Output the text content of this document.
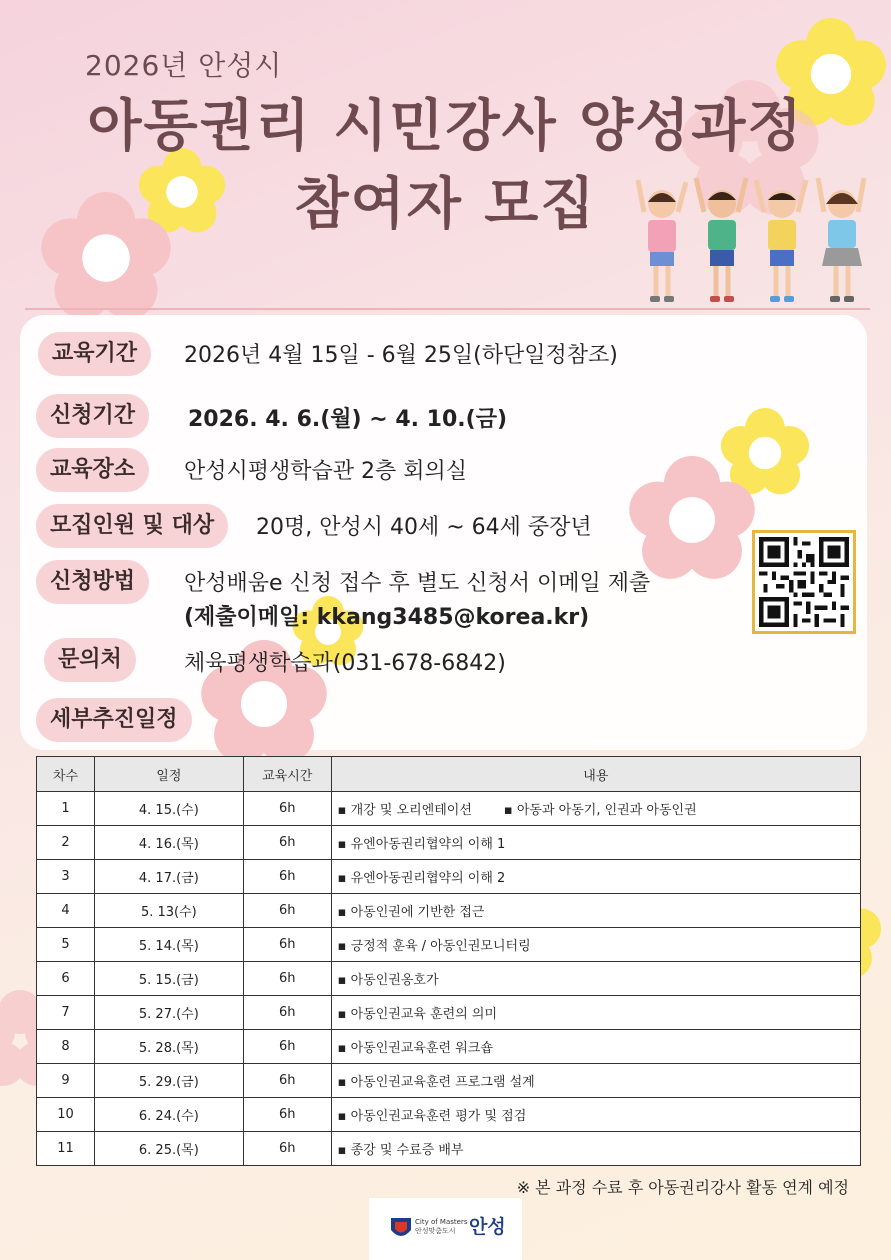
2026년 안성시
아동권리 시민강사 양성과정
참여자 모집
교육기간	2026년 4월 15일 - 6월 25일(하단일정참조)
신청기간	2026. 4. 6.(월) ~ 4. 10.(금)
교육장소	안성시평생학습관 2층 회의실
모집인원 및 대상	20명, 안성시 40세 ~ 64세 중장년
신청방법	안성배움e 신청 접수 후 별도 신청서 이메일 제출
(제출이메일: kkang3485@korea.kr)
문의처	체육평생학습과(031-678-6842)
세부추진일정
차수	일정	교육시간	내용
1	4. 15.(수)	6h	▪ 개강 및 오리엔테이션 ▪ 아동과 아동기, 인권과 아동인권
2	4. 16.(목)	6h	▪ 유엔아동권리협약의 이해 1
3	4. 17.(금)	6h	▪ 유엔아동권리협약의 이해 2
4	5. 13(수)	6h	▪ 아동인권에 기반한 접근
5	5. 14.(목)	6h	▪ 긍정적 훈육 / 아동인권모니터링
6	5. 15.(금)	6h	▪ 아동인권옹호가
7	5. 27.(수)	6h	▪ 아동인권교육 훈련의 의미
8	5. 28.(목)	6h	▪ 아동인권교육훈련 워크숍
9	5. 29.(금)	6h	▪ 아동인권교육훈련 프로그램 설계
10	6. 24.(수)	6h	▪ 아동인권교육훈련 평가 및 점검
11	6. 25.(목)	6h	▪ 종강 및 수료증 배부
※ 본 과정 수료 후 아동권리강사 활동 연계 예정
City of Masters
안성맞춤도시 안성
